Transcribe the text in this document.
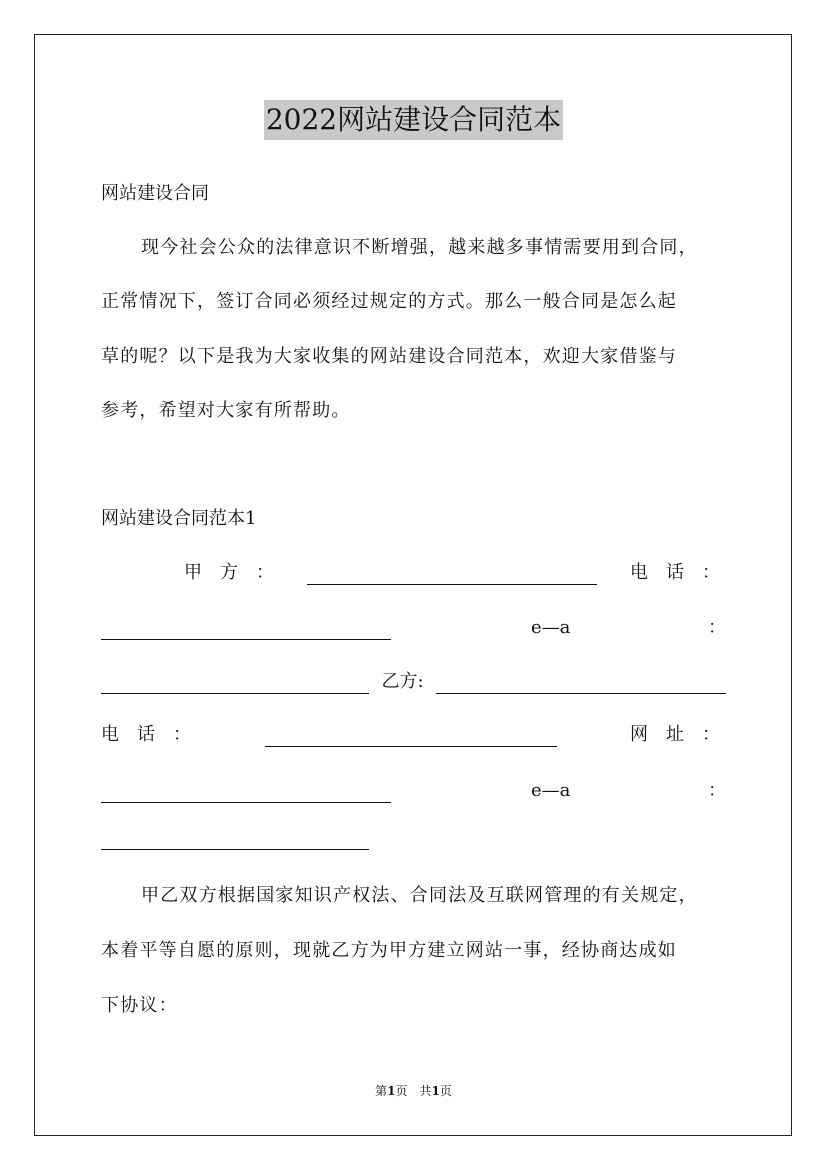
2022网站建设合同范本
网站建设合同
现今社会公众的法律意识不断增强，越来越多事情需要用到合同，
正常情况下，签订合同必须经过规定的方式。那么一般合同是怎么起
草的呢？以下是我为大家收集的网站建设合同范本，欢迎大家借鉴与
参考，希望对大家有所帮助。
网站建设合同范本1
甲　方　：	电　话　：
e—a	：
乙方:
电　话　：	网　址　：
e—a	：
甲乙双方根据国家知识产权法、合同法及互联网管理的有关规定，
本着平等自愿的原则，现就乙方为甲方建立网站一事，经协商达成如
下协议：
第1页　共1页
